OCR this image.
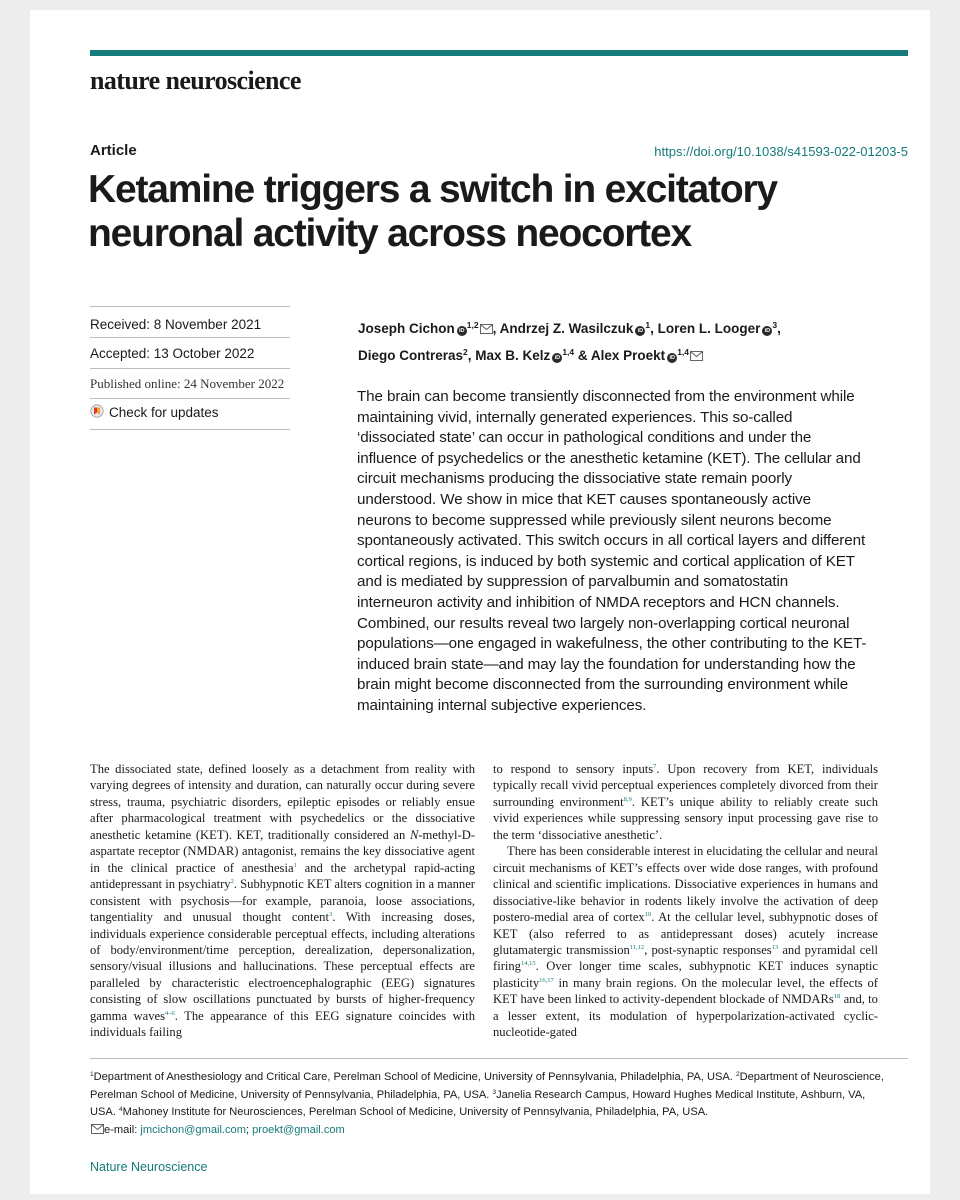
nature neuroscience
Article	https://doi.org/10.1038/s41593-022-01203-5
Ketamine triggers a switch in excitatory neuronal activity across neocortex
Received: 8 November 2021
Accepted: 13 October 2022
Published online: 24 November 2022
Check for updates
Joseph Cichon iD$^{1,2}$ , Andrzej Z. Wasilczuk iD$^1$, Loren L. Looger iD$^3$,
Diego Contreras$^2$, Max B. Kelz iD$^{1,4}$ & Alex Proekt iD$^{1,4}$

The brain can become transiently disconnected from the environment while maintaining vivid, internally generated experiences. This so-called ‘dissociated state’ can occur in pathological conditions and under the influence of psychedelics or the anesthetic ketamine (KET). The cellular and circuit mechanisms producing the dissociative state remain poorly understood. We show in mice that KET causes spontaneously active neurons to become suppressed while previously silent neurons become spontaneously activated. This switch occurs in all cortical layers and different cortical regions, is induced by both systemic and cortical application of KET and is mediated by suppression of parvalbumin and somatostatin interneuron activity and inhibition of NMDA receptors and HCN channels. Combined, our results reveal two largely non-overlapping cortical neuronal populations—one engaged in wakefulness, the other contributing to the KET-induced brain state—and may lay the foundation for understanding how the brain might become disconnected from the surrounding environment while maintaining internal subjective experiences.

The dissociated state, defined loosely as a detachment from reality with varying degrees of intensity and duration, can naturally occur during severe stress, trauma, psychiatric disorders, epileptic episodes or reliably ensue after pharmacological treatment with psychedelics or the dissociative anesthetic ketamine (KET). KET, traditionally considered an N-methyl-D-aspartate receptor (NMDAR) antagonist, remains the key dissociative agent in the clinical practice of anesthesia$^1$ and the archetypal rapid-acting antidepressant in psychiatry$^2$. Subhypnotic KET alters cognition in a manner consistent with psychosis—for example, paranoia, loose associations, tangentiality and unusual thought content$^3$. With increasing doses, individuals experience considerable perceptual effects, including alterations of body/environment/time perception, derealization, depersonalization, sensory/visual illusions and hallucinations. These perceptual effects are paralleled by characteristic electroencephalographic (EEG) signatures consisting of slow oscillations punctuated by bursts of higher-frequency gamma waves$^{4-6}$. The appearance of this EEG signature coincides with individuals failing

to respond to sensory inputs$^7$. Upon recovery from KET, individuals typically recall vivid perceptual experiences completely divorced from their surrounding environment$^{8,9}$. KET’s unique ability to reliably create such vivid experiences while suppressing sensory input processing gave rise to the term ‘dissociative anesthetic’.

There has been considerable interest in elucidating the cellular and neural circuit mechanisms of KET’s effects over wide dose ranges, with profound clinical and scientific implications. Dissociative experiences in humans and dissociative-like behavior in rodents likely involve the activation of deep postero-medial area of cortex$^{10}$. At the cellular level, subhypnotic doses of KET (also referred to as antidepressant doses) acutely increase glutamatergic transmission$^{11,12}$, post-synaptic responses$^{13}$ and pyramidal cell firing$^{14,15}$. Over longer time scales, subhypnotic KET induces synaptic plasticity$^{16,17}$ in many brain regions. On the molecular level, the effects of KET have been linked to activity-dependent blockade of NMDARs$^{18}$ and, to a lesser extent, its modulation of hyperpolarization-activated cyclic-nucleotide-gated

$^1$Department of Anesthesiology and Critical Care, Perelman School of Medicine, University of Pennsylvania, Philadelphia, PA, USA. $^2$Department of Neuroscience, Perelman School of Medicine, University of Pennsylvania, Philadelphia, PA, USA. $^3$Janelia Research Campus, Howard Hughes Medical Institute, Ashburn, VA, USA. $^4$Mahoney Institute for Neurosciences, Perelman School of Medicine, University of Pennsylvania, Philadelphia, PA, USA.
e-mail: jmcichon@gmail.com; proekt@gmail.com
Nature Neuroscience
